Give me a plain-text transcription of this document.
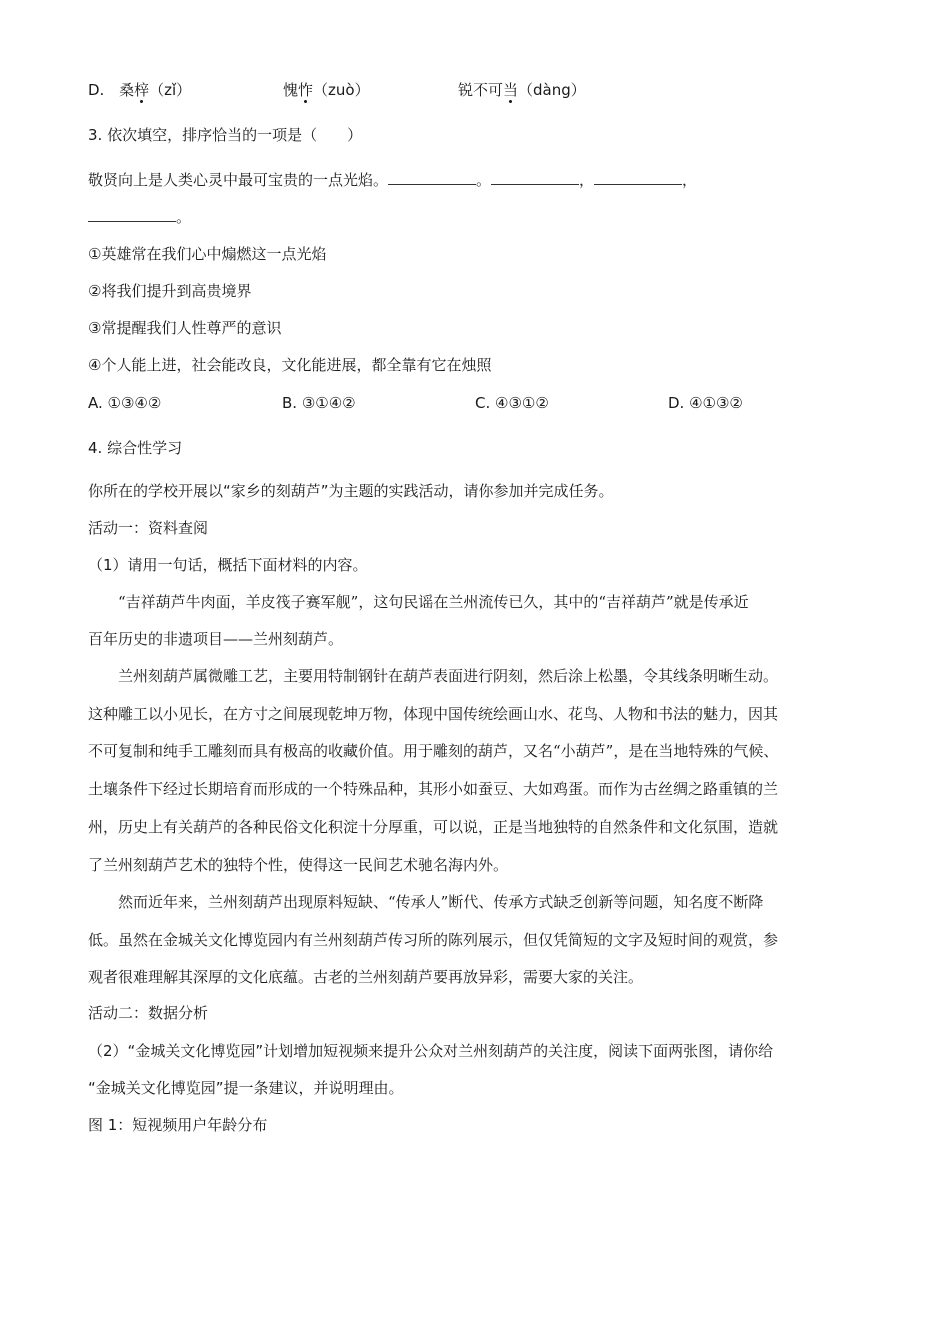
D. 桑梓（zǐ）	愧怍（zuò）	锐不可当（dàng）
3. 依次填空，排序恰当的一项是（　　）
敬贤向上是人类心灵中最可宝贵的一点光焰。	。	，	，
。
①英雄常在我们心中煽燃这一点光焰
②将我们提升到高贵境界
③常提醒我们人性尊严的意识
④个人能上进，社会能改良，文化能进展，都全靠有它在烛照
A. ①③④②	B. ③①④②	C. ④③①②	D. ④①③②
4. 综合性学习
你所在的学校开展以“家乡的刻葫芦”为主题的实践活动，请你参加并完成任务。
活动一：资料查阅
（1）请用一句话，概括下面材料的内容。
“吉祥葫芦牛肉面，羊皮筏子赛军舰”，这句民谣在兰州流传已久，其中的“吉祥葫芦”就是传承近
百年历史的非遗项目——兰州刻葫芦。
兰州刻葫芦属微雕工艺，主要用特制钢针在葫芦表面进行阴刻，然后涂上松墨，令其线条明晰生动。
这种雕工以小见长，在方寸之间展现乾坤万物，体现中国传统绘画山水、花鸟、人物和书法的魅力，因其
不可复制和纯手工雕刻而具有极高的收藏价值。用于雕刻的葫芦，又名“小葫芦”，是在当地特殊的气候、
土壤条件下经过长期培育而形成的一个特殊品种，其形小如蚕豆、大如鸡蛋。而作为古丝绸之路重镇的兰
州，历史上有关葫芦的各种民俗文化积淀十分厚重，可以说，正是当地独特的自然条件和文化氛围，造就
了兰州刻葫芦艺术的独特个性，使得这一民间艺术驰名海内外。
然而近年来，兰州刻葫芦出现原料短缺、“传承人”断代、传承方式缺乏创新等问题，知名度不断降
低。虽然在金城关文化博览园内有兰州刻葫芦传习所的陈列展示，但仅凭简短的文字及短时间的观赏，参
观者很难理解其深厚的文化底蕴。古老的兰州刻葫芦要再放异彩，需要大家的关注。
活动二：数据分析
（2）“金城关文化博览园”计划增加短视频来提升公众对兰州刻葫芦的关注度，阅读下面两张图，请你给
“金城关文化博览园”提一条建议，并说明理由。
图 1：短视频用户年龄分布
